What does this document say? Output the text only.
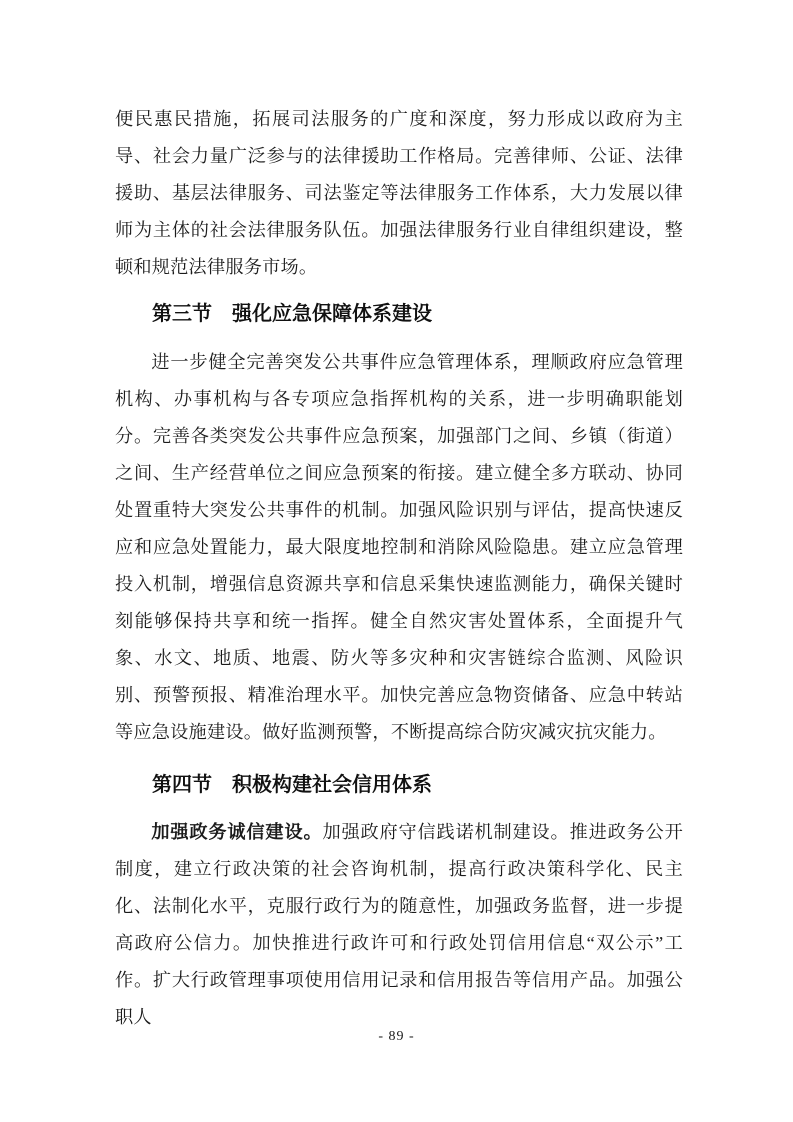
便民惠民措施，拓展司法服务的广度和深度，努力形成以政府为主导、社会力量广泛参与的法律援助工作格局。完善律师、公证、法律援助、基层法律服务、司法鉴定等法律服务工作体系，大力发展以律师为主体的社会法律服务队伍。加强法律服务行业自律组织建设，整顿和规范法律服务市场。

第三节　强化应急保障体系建设

进一步健全完善突发公共事件应急管理体系，理顺政府应急管理机构、办事机构与各专项应急指挥机构的关系，进一步明确职能划分。完善各类突发公共事件应急预案，加强部门之间、乡镇（街道）之间、生产经营单位之间应急预案的衔接。建立健全多方联动、协同处置重特大突发公共事件的机制。加强风险识别与评估，提高快速反应和应急处置能力，最大限度地控制和消除风险隐患。建立应急管理投入机制，增强信息资源共享和信息采集快速监测能力，确保关键时刻能够保持共享和统一指挥。健全自然灾害处置体系，全面提升气象、水文、地质、地震、防火等多灾种和灾害链综合监测、风险识别、预警预报、精准治理水平。加快完善应急物资储备、应急中转站等应急设施建设。做好监测预警，不断提高综合防灾减灾抗灾能力。

第四节　积极构建社会信用体系

加强政务诚信建设。加强政府守信践诺机制建设。推进政务公开制度，建立行政决策的社会咨询机制，提高行政决策科学化、民主化、法制化水平，克服行政行为的随意性，加强政务监督，进一步提高政府公信力。加快推进行政许可和行政处罚信用信息“双公示”工作。扩大行政管理事项使用信用记录和信用报告等信用产品。加强公职人

- 89 -
